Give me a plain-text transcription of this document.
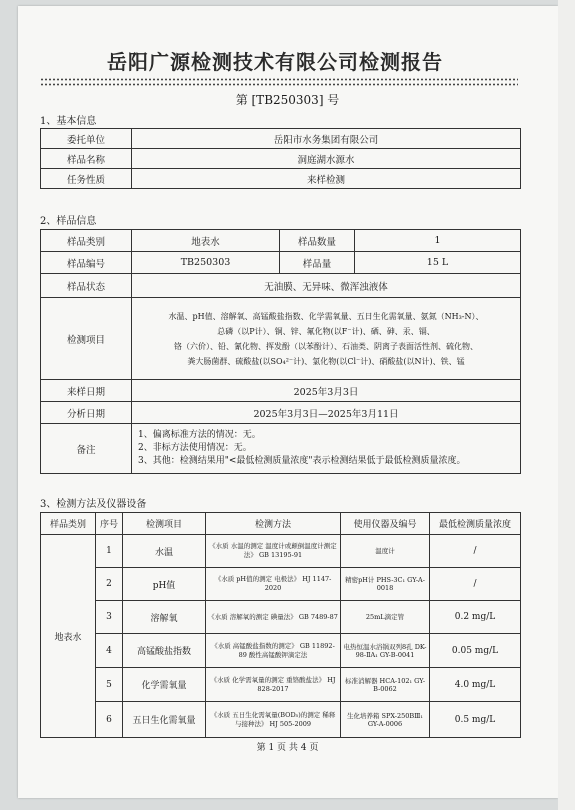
岳阳广源检测技术有限公司检测报告
第 [TB250303] 号
1、基本信息
委托单位	岳阳市水务集团有限公司
样品名称	洞庭湖水源水
任务性质	来样检测
2、样品信息
样品类别	地表水	样品数量	1
样品编号	TB250303	样品量	15 L
样品状态	无油膜、无异味、微浑浊液体		
检测项目	水温、pH值、溶解氧、高锰酸盐指数、化学需氧量、五日生化需氧量、氨氮（NH₃-N）、
总磷（以P计）、铜、锌、氟化物(以F⁻计)、硒、砷、汞、镉、
铬（六价）、铅、氰化物、挥发酚（以苯酚计）、石油类、阴离子表面活性剂、硫化物、
粪大肠菌群、硫酸盐(以SO₄²⁻计)、氯化物(以Cl⁻计)、硝酸盐(以N计)、铁、锰		

来样日期	2025年3月3日		
分析日期	2025年3月3日—2025年3月11日		
备注	1、偏离标准方法的情况：无。
2、非标方法使用情况：无。
3、其他：检测结果用"<最低检测质量浓度"表示检测结果低于最低检测质量浓度。		
3、检测方法及仪器设备
样品类别	序号	检测项目	检测方法	使用仪器及编号	最低检测质量浓度
地表水	1	水温	《水质 水温的测定 温度计或颠倒温度计测定法》 GB 13195-91	温度计	/
	2	pH值	《水质 pH值的测定 电极法》 HJ 1147-2020	精密pH计 PHS-3C₁ GY-A-0018	/
	3	溶解氧	《水质 溶解氧的测定 碘量法》 GB 7489-87	25mL滴定管	0.2 mg/L
	4	高锰酸盐指数	《水质 高锰酸盐指数的测定》 GB 11892-89 酸性高锰酸钾滴定法	电热恒温水浴锅双列8孔 DK-98-ⅡA₁ GY-B-0041	0.05 mg/L
	5	化学需氧量	《水质 化学需氧量的测定 重铬酸盐法》 HJ 828-2017	标准消解器 HCA-102₁ GY-B-0062	4.0 mg/L
	6	五日生化需氧量	《水质 五日生化需氧量(BOD₅)的测定 稀释与接种法》 HJ 505-2009	生化培养箱 SPX-250BⅢ₁ GY-A-0006	0.5 mg/L
第 1 页 共 4 页
